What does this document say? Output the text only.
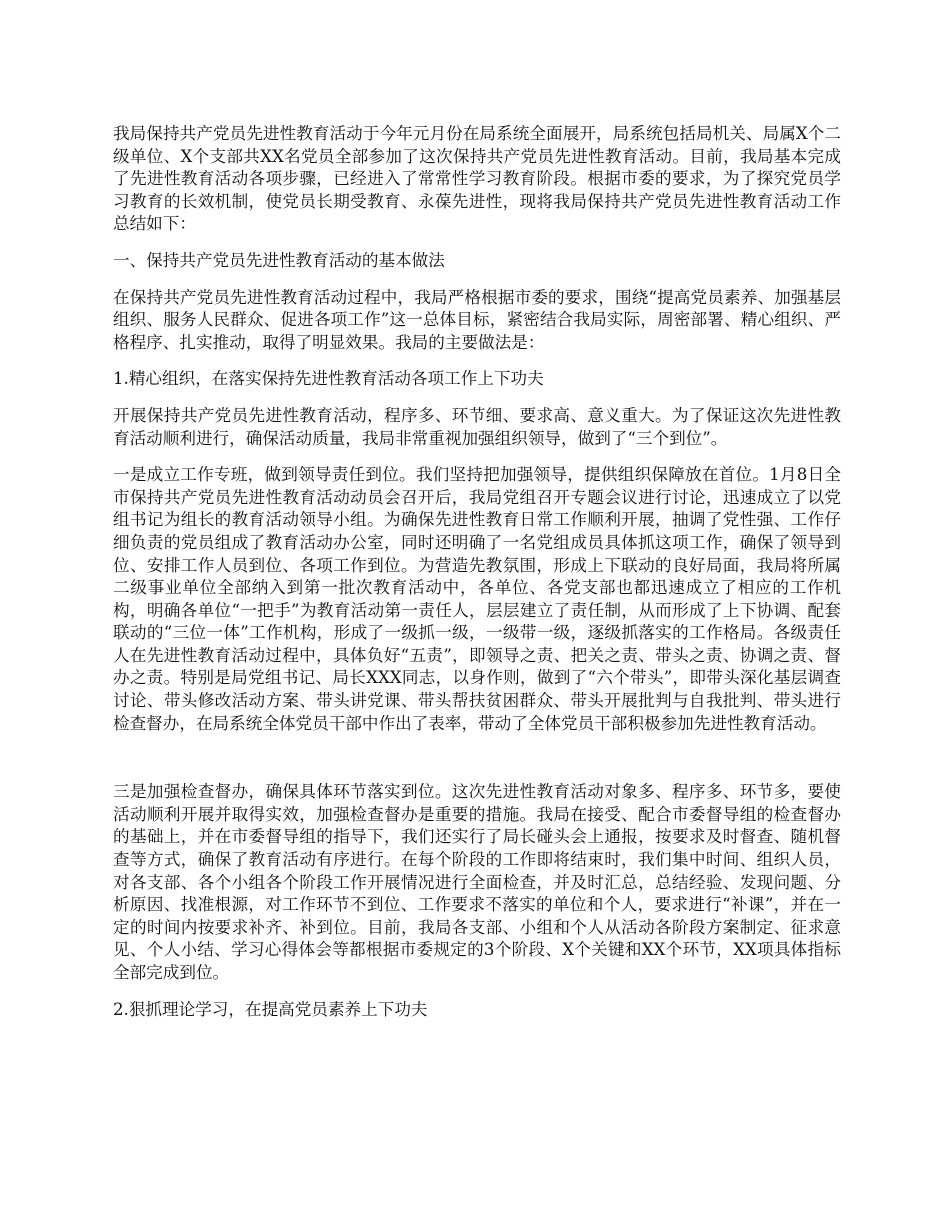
我局保持共产党员先进性教育活动于今年元月份在局系统全面展开，局系统包括局机关、局属X个二级单位、X个支部共XX名党员全部参加了这次保持共产党员先进性教育活动。目前，我局基本完成了先进性教育活动各项步骤，已经进入了常常性学习教育阶段。根据市委的要求，为了探究党员学习教育的长效机制，使党员长期受教育、永葆先进性，现将我局保持共产党员先进性教育活动工作总结如下：

一、保持共产党员先进性教育活动的基本做法

在保持共产党员先进性教育活动过程中，我局严格根据市委的要求，围绕“提高党员素养、加强基层组织、服务人民群众、促进各项工作”这一总体目标，紧密结合我局实际，周密部署、精心组织、严格程序、扎实推动，取得了明显效果。我局的主要做法是：

1.精心组织，在落实保持先进性教育活动各项工作上下功夫

开展保持共产党员先进性教育活动，程序多、环节细、要求高、意义重大。为了保证这次先进性教育活动顺利进行，确保活动质量，我局非常重视加强组织领导，做到了“三个到位”。

一是成立工作专班，做到领导责任到位。我们坚持把加强领导，提供组织保障放在首位。1月8日全市保持共产党员先进性教育活动动员会召开后，我局党组召开专题会议进行讨论，迅速成立了以党组书记为组长的教育活动领导小组。为确保先进性教育日常工作顺利开展，抽调了党性强、工作仔细负责的党员组成了教育活动办公室，同时还明确了一名党组成员具体抓这项工作，确保了领导到位、安排工作人员到位、各项工作到位。为营造先教氛围，形成上下联动的良好局面，我局将所属二级事业单位全部纳入到第一批次教育活动中，各单位、各党支部也都迅速成立了相应的工作机构，明确各单位“一把手”为教育活动第一责任人，层层建立了责任制，从而形成了上下协调、配套联动的“三位一体”工作机构，形成了一级抓一级，一级带一级，逐级抓落实的工作格局。各级责任人在先进性教育活动过程中，具体负好“五责”，即领导之责、把关之责、带头之责、协调之责、督办之责。特别是局党组书记、局长XXX同志，以身作则，做到了“六个带头”，即带头深化基层调查讨论、带头修改活动方案、带头讲党课、带头帮扶贫困群众、带头开展批判与自我批判、带头进行检查督办，在局系统全体党员干部中作出了表率，带动了全体党员干部积极参加先进性教育活动。

三是加强检查督办，确保具体环节落实到位。这次先进性教育活动对象多、程序多、环节多，要使活动顺利开展并取得实效，加强检查督办是重要的措施。我局在接受、配合市委督导组的检查督办的基础上，并在市委督导组的指导下，我们还实行了局长碰头会上通报，按要求及时督查、随机督查等方式，确保了教育活动有序进行。在每个阶段的工作即将结束时，我们集中时间、组织人员，对各支部、各个小组各个阶段工作开展情况进行全面检查，并及时汇总，总结经验、发现问题、分析原因、找准根源，对工作环节不到位、工作要求不落实的单位和个人，要求进行“补课”，并在一定的时间内按要求补齐、补到位。目前，我局各支部、小组和个人从活动各阶段方案制定、征求意见、个人小结、学习心得体会等都根据市委规定的3个阶段、X个关键和XX个环节，XX项具体指标全部完成到位。

2.狠抓理论学习，在提高党员素养上下功夫
